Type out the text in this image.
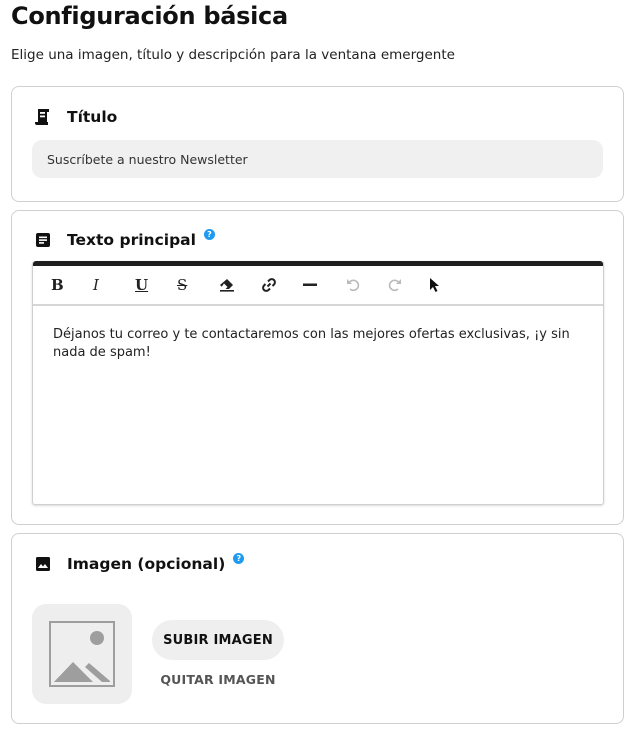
Configuración básica

Elige una imagen, título y descripción para la ventana emergente

Título
Suscríbete a nuestro Newsletter
Texto principal	?
B I U S
Déjanos tu correo y te contactaremos con las mejores ofertas exclusivas, ¡y sin nada de spam!
Imagen (opcional)	?
SUBIR IMAGEN
QUITAR IMAGEN
